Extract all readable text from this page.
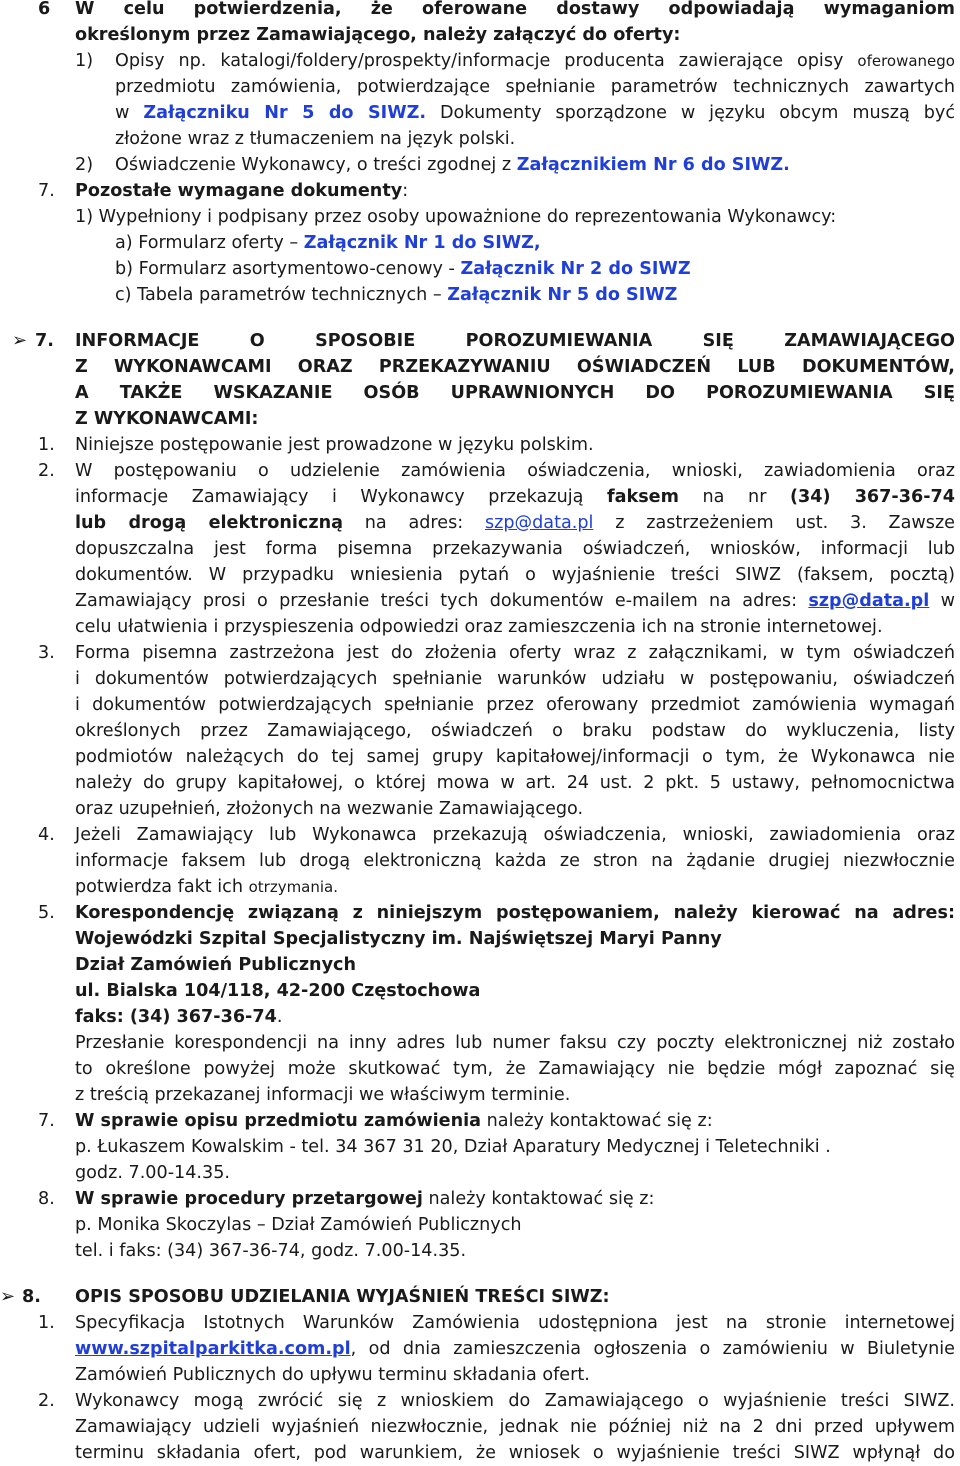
6 W celu potwierdzenia, że oferowane dostawy odpowiadają wymaganiom
określonym przez Zamawiającego, należy załączyć do oferty:
1) Opisy np. katalogi/foldery/prospekty/informacje producenta zawierające opisy oferowanego
przedmiotu zamówienia, potwierdzające spełnianie parametrów technicznych zawartych
w Załączniku Nr 5 do SIWZ. Dokumenty sporządzone w języku obcym muszą być
złożone wraz z tłumaczeniem na język polski.
2) Oświadczenie Wykonawcy, o treści zgodnej z Załącznikiem Nr 6 do SIWZ.
7. Pozostałe wymagane dokumenty:
1) Wypełniony i podpisany przez osoby upoważnione do reprezentowania Wykonawcy:
a) Formularz oferty – Załącznik Nr 1 do SIWZ,
b) Formularz asortymentowo-cenowy - Załącznik Nr 2 do SIWZ
c) Tabela parametrów technicznych – Załącznik Nr 5 do SIWZ
➢ 7. INFORMACJE O SPOSOBIE POROZUMIEWANIA SIĘ ZAMAWIAJĄCEGO
Z WYKONAWCAMI ORAZ PRZEKAZYWANIU OŚWIADCZEŃ LUB DOKUMENTÓW,
A TAKŻE WSKAZANIE OSÓB UPRAWNIONYCH DO POROZUMIEWANIA SIĘ
Z WYKONAWCAMI:
1. Niniejsze postępowanie jest prowadzone w języku polskim.
2. W postępowaniu o udzielenie zamówienia oświadczenia, wnioski, zawiadomienia oraz
informacje Zamawiający i Wykonawcy przekazują faksem na nr (34) 367-36-74
lub drogą elektroniczną na adres: szp@data.pl z zastrzeżeniem ust. 3. Zawsze
dopuszczalna jest forma pisemna przekazywania oświadczeń, wniosków, informacji lub
dokumentów. W przypadku wniesienia pytań o wyjaśnienie treści SIWZ (faksem, pocztą)
Zamawiający prosi o przesłanie treści tych dokumentów e-mailem na adres: szp@data.pl w
celu ułatwienia i przyspieszenia odpowiedzi oraz zamieszczenia ich na stronie internetowej.
3. Forma pisemna zastrzeżona jest do złożenia oferty wraz z załącznikami, w tym oświadczeń
i dokumentów potwierdzających spełnianie warunków udziału w postępowaniu, oświadczeń
i dokumentów potwierdzających spełnianie przez oferowany przedmiot zamówienia wymagań
określonych przez Zamawiającego, oświadczeń o braku podstaw do wykluczenia, listy
podmiotów należących do tej samej grupy kapitałowej/informacji o tym, że Wykonawca nie
należy do grupy kapitałowej, o której mowa w art. 24 ust. 2 pkt. 5 ustawy, pełnomocnictwa
oraz uzupełnień, złożonych na wezwanie Zamawiającego.
4. Jeżeli Zamawiający lub Wykonawca przekazują oświadczenia, wnioski, zawiadomienia oraz
informacje faksem lub drogą elektroniczną każda ze stron na żądanie drugiej niezwłocznie
potwierdza fakt ich otrzymania.
5. Korespondencję związaną z niniejszym postępowaniem, należy kierować na adres:
Wojewódzki Szpital Specjalistyczny im. Najświętszej Maryi Panny
Dział Zamówień Publicznych
ul. Bialska 104/118, 42-200 Częstochowa
faks: (34) 367-36-74.
Przesłanie korespondencji na inny adres lub numer faksu czy poczty elektronicznej niż zostało
to określone powyżej może skutkować tym, że Zamawiający nie będzie mógł zapoznać się
z treścią przekazanej informacji we właściwym terminie.
7. W sprawie opisu przedmiotu zamówienia należy kontaktować się z:
p. Łukaszem Kowalskim - tel. 34 367 31 20, Dział Aparatury Medycznej i Teletechniki .
godz. 7.00-14.35.
8. W sprawie procedury przetargowej należy kontaktować się z:
p. Monika Skoczylas – Dział Zamówień Publicznych
tel. i faks: (34) 367-36-74, godz. 7.00-14.35.
➢ 8. OPIS SPOSOBU UDZIELANIA WYJAŚNIEŃ TREŚCI SIWZ:
1. Specyfikacja Istotnych Warunków Zamówienia udostępniona jest na stronie internetowej
www.szpitalparkitka.com.pl, od dnia zamieszczenia ogłoszenia o zamówieniu w Biuletynie
Zamówień Publicznych do upływu terminu składania ofert.
2. Wykonawcy mogą zwrócić się z wnioskiem do Zamawiającego o wyjaśnienie treści SIWZ.
Zamawiający udzieli wyjaśnień niezwłocznie, jednak nie później niż na 2 dni przed upływem
terminu składania ofert, pod warunkiem, że wniosek o wyjaśnienie treści SIWZ wpłynął do
